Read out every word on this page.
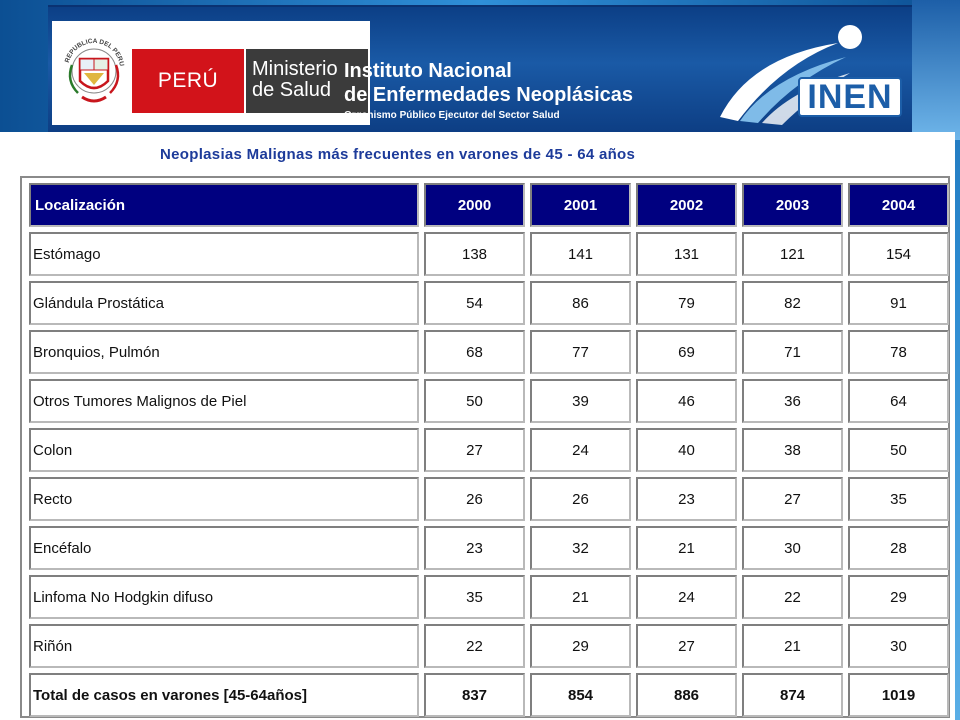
REPUBLICA DEL PERU
PERÚ	Ministerio
de Salud
Instituto Nacional
de Enfermedades Neoplásicas
Organismo Público Ejecutor del Sector Salud	INEN
Neoplasias Malignas más frecuentes en varones de 45 - 64 años
Localización	2000	2001	2002	2003	2004
Estómago	138	141	131	121	154
Glándula Prostática	54	86	79	82	91
Bronquios, Pulmón	68	77	69	71	78
Otros Tumores Malignos de Piel	50	39	46	36	64
Colon	27	24	40	38	50
Recto	26	26	23	27	35
Encéfalo	23	32	21	30	28
Linfoma No Hodgkin difuso	35	21	24	22	29
Riñón	22	29	27	21	30
Total de casos en varones [45-64años]	837	854	886	874	1019
